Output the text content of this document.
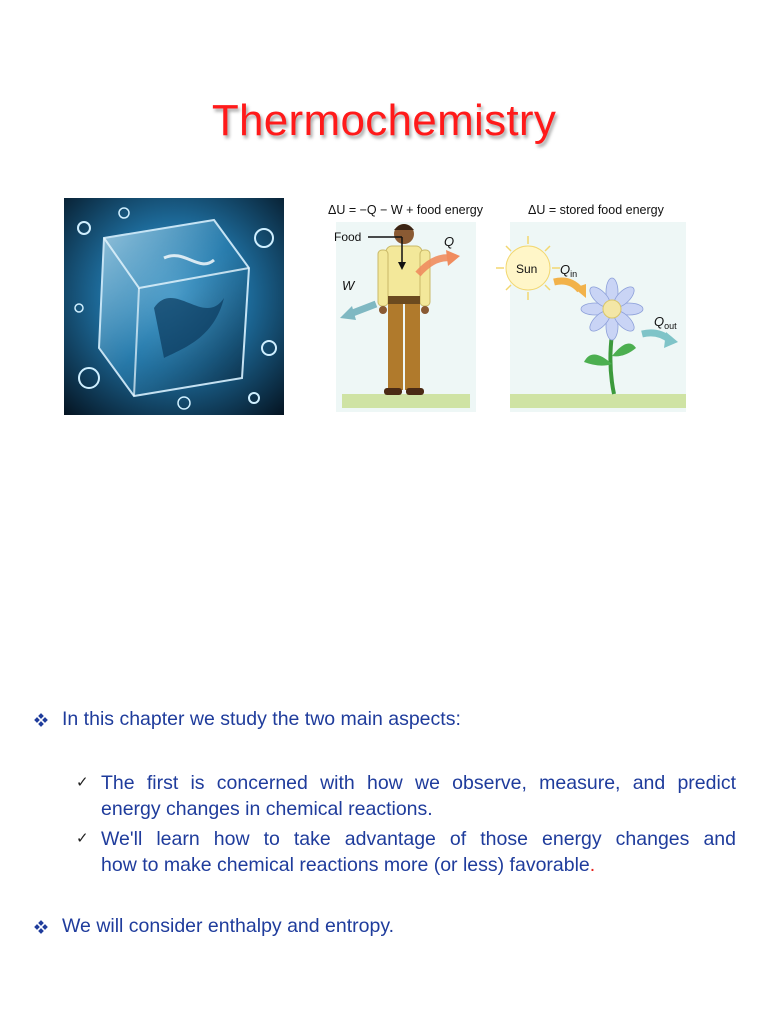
Thermochemistry
ΔU = −Q − W + food energy	ΔU = stored food energy
Food	Q
W
Sun $Q_{in}$
$Q_{out}$
In this chapter we study the two main aspects:
✓ The first is concerned with how we observe, measure, and predict
energy changes in chemical reactions.
✓ We'll learn how to take advantage of those energy changes and
how to make chemical reactions more (or less) favorable.
We will consider enthalpy and entropy.
